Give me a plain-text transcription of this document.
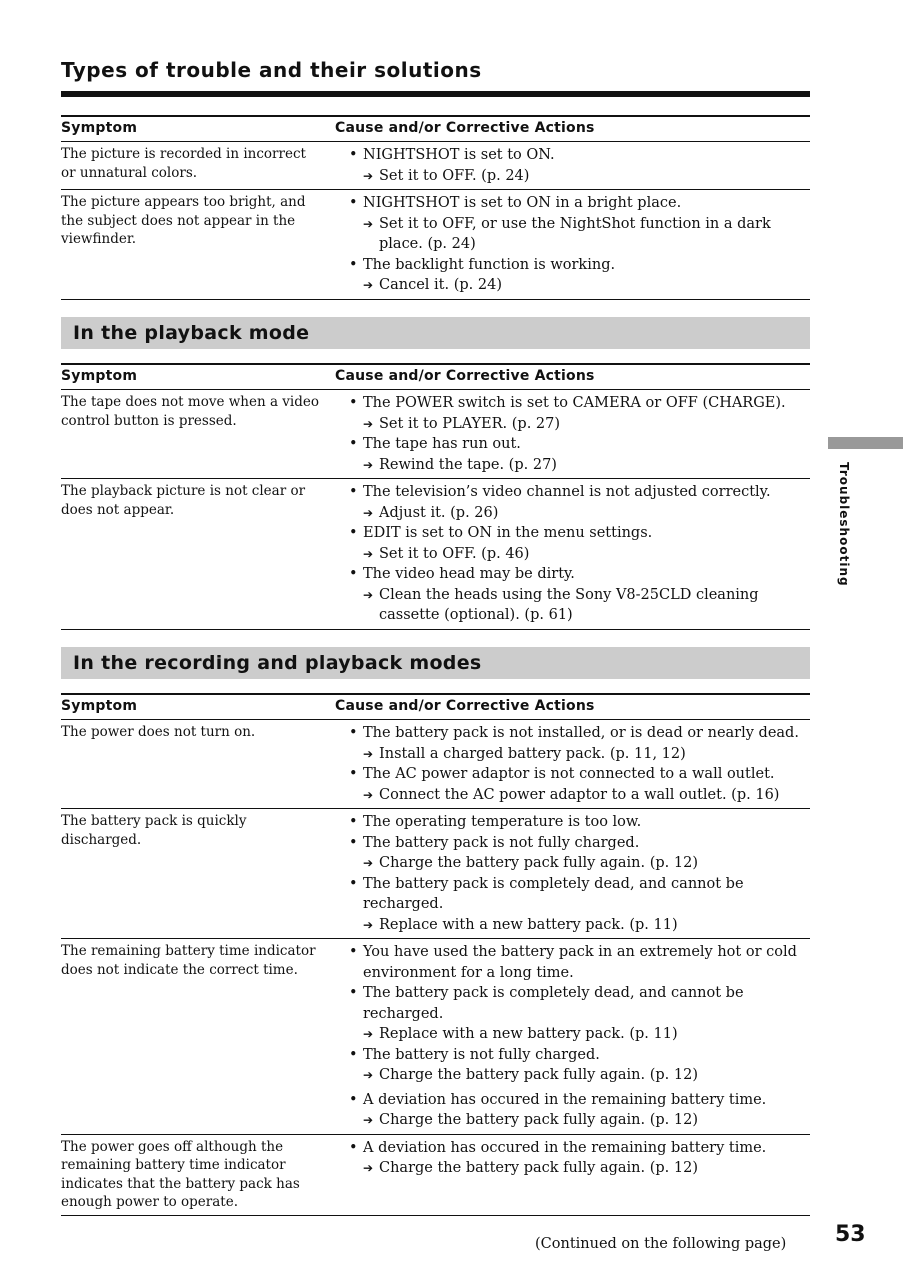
Types of trouble and their solutions
Symptom	Cause and/or Corrective Actions
The picture is recorded in incorrect or unnatural colors.
• NIGHTSHOT is set to ON.
➔ Set it to OFF. (p. 24)
The picture appears too bright, and the subject does not appear in the viewfinder.
• NIGHTSHOT is set to ON in a bright place.
➔ Set it to OFF, or use the NightShot function in a dark place. (p. 24)
• The backlight function is working.
➔ Cancel it. (p. 24)
In the playback mode
Symptom	Cause and/or Corrective Actions
The tape does not move when a video control button is pressed.
• The POWER switch is set to CAMERA or OFF (CHARGE).
➔ Set it to PLAYER. (p. 27)
• The tape has run out.
➔ Rewind the tape. (p. 27)
The playback picture is not clear or does not appear.
• The television’s video channel is not adjusted correctly.
➔ Adjust it. (p. 26)
• EDIT is set to ON in the menu settings.
➔ Set it to OFF. (p. 46)
• The video head may be dirty.
➔ Clean the heads using the Sony V8-25CLD cleaning cassette (optional). (p. 61)
In the recording and playback modes
Symptom	Cause and/or Corrective Actions
The power does not turn on.	• The battery pack is not installed, or is dead or nearly dead.
➔ Install a charged battery pack. (p. 11, 12)
• The AC power adaptor is not connected to a wall outlet.
➔ Connect the AC power adaptor to a wall outlet. (p. 16)
The battery pack is quickly discharged.
• The operating temperature is too low.
• The battery pack is not fully charged.
➔ Charge the battery pack fully again. (p. 12)
• The battery pack is completely dead, and cannot be recharged.
➔ Replace with a new battery pack. (p. 11)
The remaining battery time indicator does not indicate the correct time.
• You have used the battery pack in an extremely hot or cold environment for a long time.
• The battery pack is completely dead, and cannot be recharged.
➔ Replace with a new battery pack. (p. 11)
• The battery is not fully charged.
➔ Charge the battery pack fully again. (p. 12)
• A deviation has occured in the remaining battery time.
➔ Charge the battery pack fully again. (p. 12)
The power goes off although the remaining battery time indicator indicates that the battery pack has enough power to operate.
• A deviation has occured in the remaining battery time.
➔ Charge the battery pack fully again. (p. 12)
Troubleshooting
(Continued on the following page) 53
